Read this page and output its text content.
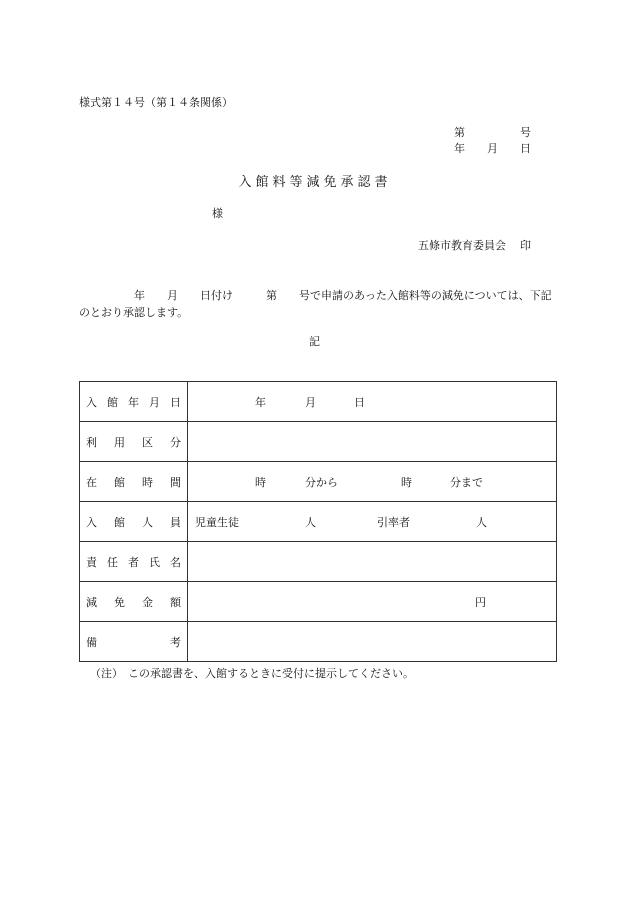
様式第１４号（第１４条関係）
第　　　　　号
年　　月　　日
入館料等減免承認書
様
五條市教育委員会 印
　　　　　年　　月　　日付け　　　第　　号で申請のあった入館料等の減免については、下記のとおり承認します。
記
入館年月日	年 月 日

利用区分	
在館時間	時 分から 時 分まで

入館人員	児童生徒 人 引率者 人

責任者氏名	
減免金額	円

備考	
（注） この承認書を、入館するときに受付に提示してください。
